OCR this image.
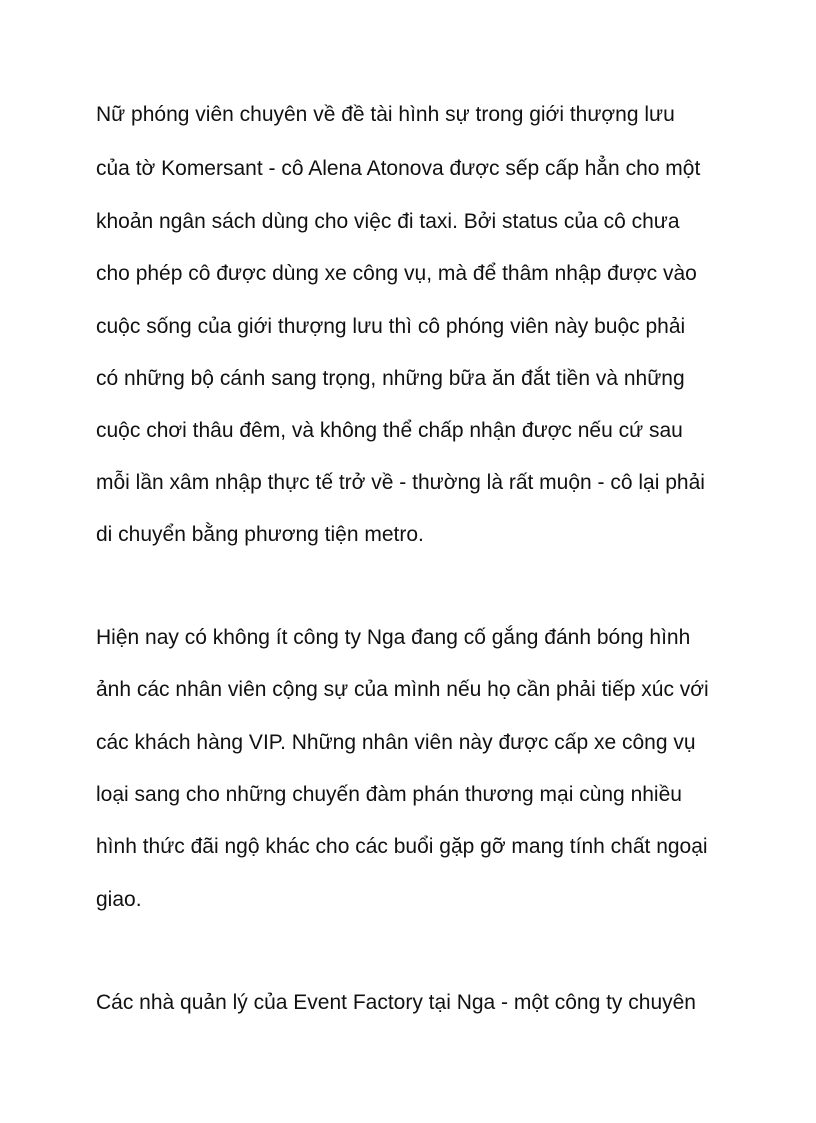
Nữ phóng viên chuyên về đề tài hình sự trong giới thượng lưu

của tờ Komersant - cô Alena Atonova được sếp cấp hẳn cho một

khoản ngân sách dùng cho việc đi taxi. Bởi status của cô chưa

cho phép cô được dùng xe công vụ, mà để thâm nhập được vào

cuộc sống của giới thượng lưu thì cô phóng viên này buộc phải

có những bộ cánh sang trọng, những bữa ăn đắt tiền và những

cuộc chơi thâu đêm, và không thể chấp nhận được nếu cứ sau

mỗi lần xâm nhập thực tế trở về - thường là rất muộn - cô lại phải

di chuyển bằng phương tiện metro.

Hiện nay có không ít công ty Nga đang cố gắng đánh bóng hình

ảnh các nhân viên cộng sự của mình nếu họ cần phải tiếp xúc với

các khách hàng VIP. Những nhân viên này được cấp xe công vụ

loại sang cho những chuyến đàm phán thương mại cùng nhiều

hình thức đãi ngộ khác cho các buổi gặp gỡ mang tính chất ngoại

giao.

Các nhà quản lý của Event Factory tại Nga - một công ty chuyên
